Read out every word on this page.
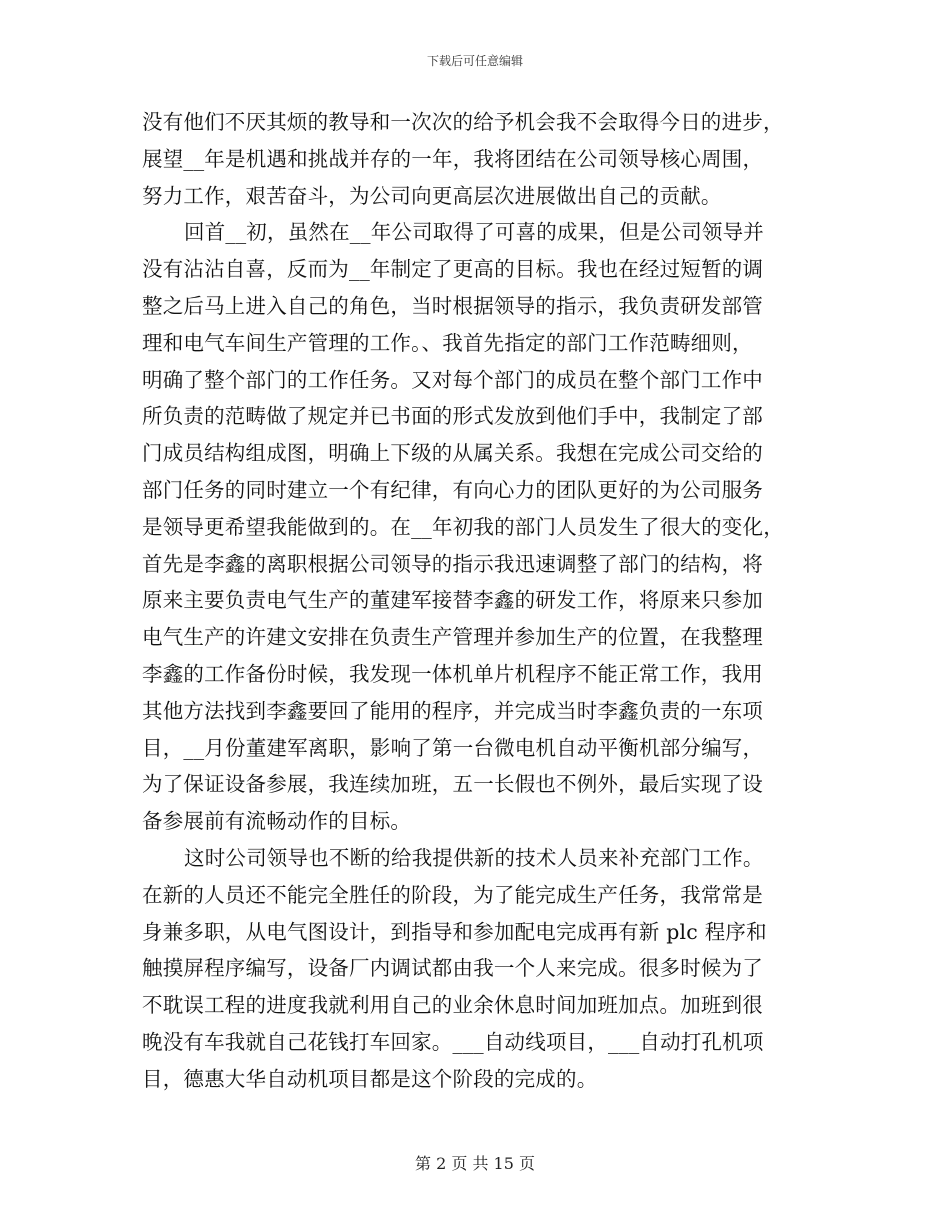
下载后可任意编辑
没有他们不厌其烦的教导和一次次的给予机会我不会取得今日的进步，
展望__年是机遇和挑战并存的一年，我将团结在公司领导核心周围，
努力工作，艰苦奋斗，为公司向更高层次进展做出自己的贡献。
回首__初，虽然在__年公司取得了可喜的成果，但是公司领导并
没有沾沾自喜，反而为__年制定了更高的目标。我也在经过短暂的调
整之后马上进入自己的角色，当时根据领导的指示，我负责研发部管
理和电气车间生产管理的工作。、我首先指定的部门工作范畴细则，
明确了整个部门的工作任务。又对每个部门的成员在整个部门工作中
所负责的范畴做了规定并已书面的形式发放到他们手中，我制定了部
门成员结构组成图，明确上下级的从属关系。我想在完成公司交给的
部门任务的同时建立一个有纪律，有向心力的团队更好的为公司服务
是领导更希望我能做到的。在__年初我的部门人员发生了很大的变化，
首先是李鑫的离职根据公司领导的指示我迅速调整了部门的结构，将
原来主要负责电气生产的董建军接替李鑫的研发工作，将原来只参加
电气生产的许建文安排在负责生产管理并参加生产的位置，在我整理
李鑫的工作备份时候，我发现一体机单片机程序不能正常工作，我用
其他方法找到李鑫要回了能用的程序，并完成当时李鑫负责的一东项
目，__月份董建军离职，影响了第一台微电机自动平衡机部分编写，
为了保证设备参展，我连续加班，五一长假也不例外，最后实现了设
备参展前有流畅动作的目标。
这时公司领导也不断的给我提供新的技术人员来补充部门工作。
在新的人员还不能完全胜任的阶段，为了能完成生产任务，我常常是
身兼多职，从电气图设计，到指导和参加配电完成再有新 plc 程序和
触摸屏程序编写，设备厂内调试都由我一个人来完成。很多时候为了
不耽误工程的进度我就利用自己的业余休息时间加班加点。加班到很
晚没有车我就自己花钱打车回家。___自动线项目，___自动打孔机项
目，德惠大华自动机项目都是这个阶段的完成的。
第 2 页 共 15 页
